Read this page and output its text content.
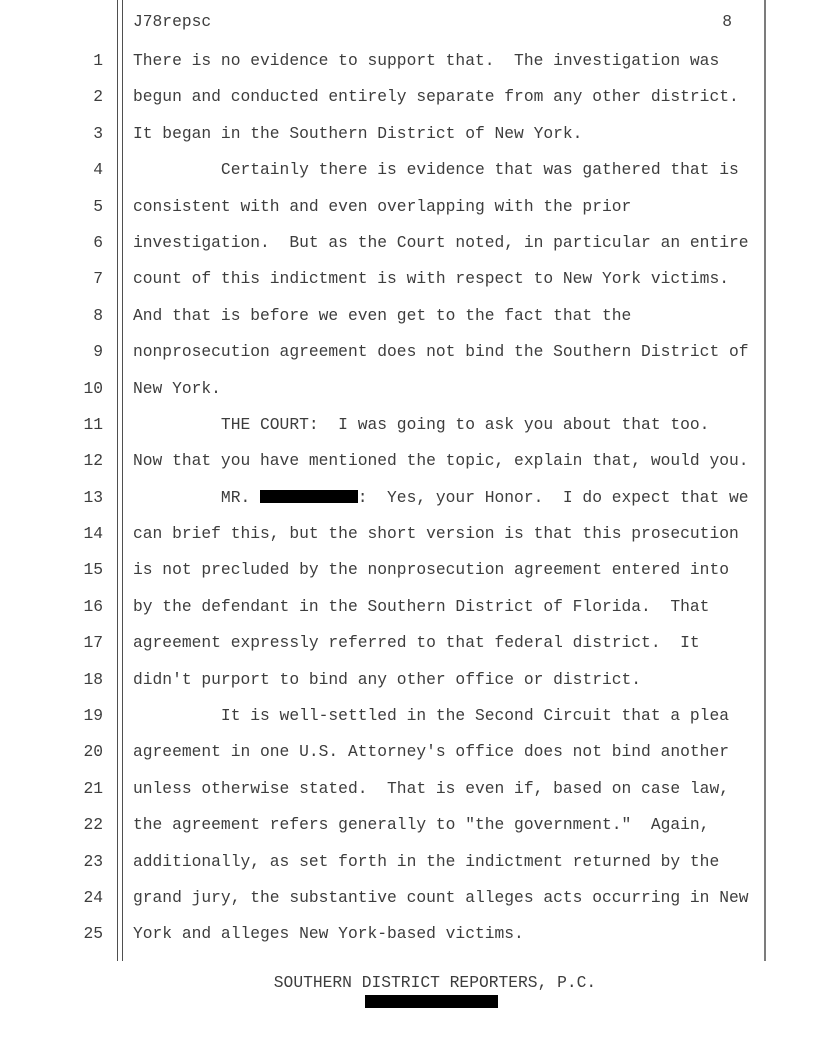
J78repsc	8
1 There is no evidence to support that.  The investigation was
2 begun and conducted entirely separate from any other district.
3 It began in the Southern District of New York.
4 Certainly there is evidence that was gathered that is
5 consistent with and even overlapping with the prior
6 investigation.  But as the Court noted, in particular an entire
7 count of this indictment is with respect to New York victims.
8 And that is before we even get to the fact that the
9 nonprosecution agreement does not bind the Southern District of
10 New York.
11 THE COURT:  I was going to ask you about that too.
12 Now that you have mentioned the topic, explain that, would you.
13 MR.	:  Yes, your Honor.  I do expect that we
14 can brief this, but the short version is that this prosecution
15 is not precluded by the nonprosecution agreement entered into
16 by the defendant in the Southern District of Florida.  That
17 agreement expressly referred to that federal district.  It
18 didn't purport to bind any other office or district.
19 It is well-settled in the Second Circuit that a plea
20 agreement in one U.S. Attorney's office does not bind another
21 unless otherwise stated.  That is even if, based on case law,
22 the agreement refers generally to "the government."  Again,
23 additionally, as set forth in the indictment returned by the
24 grand jury, the substantive count alleges acts occurring in New
25 York and alleges New York-based victims.
SOUTHERN DISTRICT REPORTERS, P.C.
